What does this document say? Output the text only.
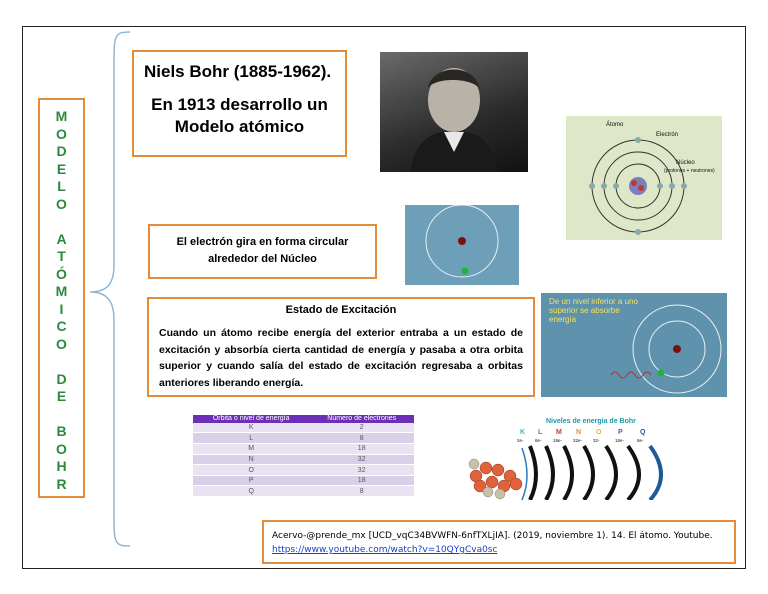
M
O
D
E
L
O
A
T
Ó
M
I
C
O
D
E
B
O
H
R
Niels Bohr (1885-1962).
En 1913 desarrollo un Modelo atómico	Átomo
Electrón
Núcleo
(protones + neutrones)
El electrón gira en forma circular alrededor del Núcleo
Estado de Excitación
Cuando un átomo recibe energía del exterior entraba a un estado de excitación y absorbía cierta cantidad de energía y pasaba a otra orbita superior y cuando salía del estado de excitación regresaba a orbitas anteriores liberando energía.
De un nivel inferior a uno superior se absorbe energía
Órbita o nivel de energía	Número de electrones
K	2
L	8
M	18
N	32
O	32
P	18
Q	8
Niveles de energía de Bohr
K
2e-
L
8e-
M
18e-
N
32e-
O
32-
P
18e-
Q
8e-
Acervo-@prende_mx [UCD_vqC34BVWFN-6nfTXLjIA]. (2019, noviembre 1). 14. El átomo. Youtube.
https://www.youtube.com/watch?v=10QYgCva0sc
